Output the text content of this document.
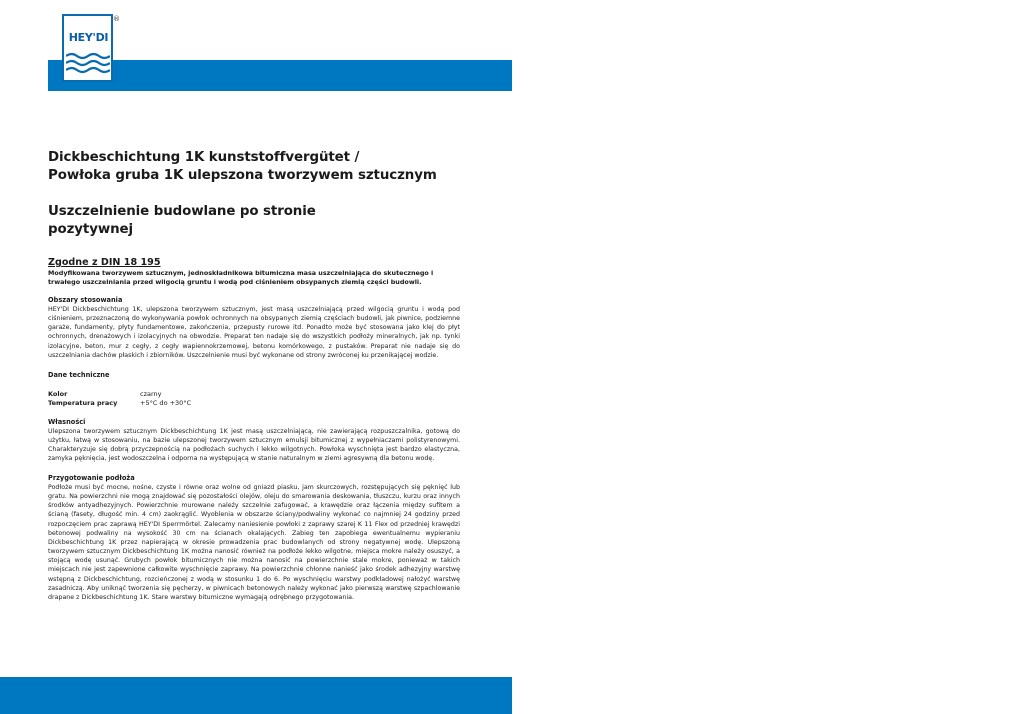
HEY'DI
®
Dickbeschichtung 1K kunststoffvergütet /
Powłoka gruba 1K ulepszona tworzywem sztucznym
Uszczelnienie budowlane po stronie
pozytywnej
Zgodne z DIN 18 195
Modyfikowana tworzywem sztucznym, jednoskładnikowa bitumiczna masa uszczelniająca do skutecznego i trwałego uszczelniania przed wilgocią gruntu i wodą pod ciśnieniem obsypanych ziemią części budowli.
Obszary stosowania
HEY'DI Dickbeschichtung 1K, ulepszona tworzywem sztucznym, jest masą uszczelniającą przed wilgocią gruntu i wodą pod ciśnieniem, przeznaczoną do wykonywania powłok ochronnych na obsypanych ziemią częściach budowli, jak piwnice, podziemne garaże, fundamenty, płyty fundamentowe, zakończenia, przepusty rurowe itd. Ponadto może być stosowana jako klej do płyt ochronnych, drenażowych i izolacyjnych na obwodzie. Preparat ten nadaje się do wszystkich podłoży mineralnych, jak np. tynki izolacyjne, beton, mur z cegły, z cegły wapiennokrzemowej, betonu komórkowego, z pustaków. Preparat nie nadaje się do uszczelniania dachów płaskich i zbiorników. Uszczelnienie musi być wykonane od strony zwróconej ku przenikającej wodzie.
Dane techniczne
Kolor	czarny
Temperatura pracy	+5°C do +30°C
Własności
Ulepszona tworzywem sztucznym Dickbeschichtung 1K jest masą uszczelniającą, nie zawierającą rozpuszczalnika, gotową do użytku, łatwą w stosowaniu, na bazie ulepszonej tworzywem sztucznym emulsji bitumicznej z wypełniaczami polistyrenowymi. Charakteryzuje się dobrą przyczepnością na podłożach suchych i lekko wilgotnych. Powłoka wyschnięta jest bardzo elastyczna, zamyka pęknięcia, jest wodoszczelna i odporna na występującą w stanie naturalnym w ziemi agresywną dla betonu wodę.
Przygotowanie podłoża
Podłoże musi być mocne, nośne, czyste i równe oraz wolne od gniazd piasku, jam skurczowych, rozstępujących się pęknięć lub gratu. Na powierzchni nie mogą znajdować się pozostałości olejów, oleju do smarowania deskowania, tłuszczu, kurzu oraz innych środków antyadhezyjnych. Powierzchnie murowane należy szczelnie zafugować, a krawędzie oraz łączenia między sufitem a ścianą (fasety, długość min. 4 cm) zaokrąglić. Wyoblenia w obszarze ściany/podwaliny wykonać co najmniej 24 godziny przed rozpoczęciem prac zaprawą HEY'DI Sperrmörtel. Zalecamy naniesienie powłoki z zaprawy szarej K 11 Flex od przedniej krawędzi betonowej podwaliny na wysokość 30 cm na ścianach okalających. Zabieg ten zapobiega ewentualnemu wypieraniu Dickbeschichtung 1K przez napierającą w okresie prowadzenia prac budowlanych od strony negatywnej wodę. Ulepszoną tworzywem sztucznym Dickbeschichtung 1K można nanosić również na podłoże lekko wilgotne, miejsca mokre należy osuszyć, a stojącą wodę usunąć. Grubych powłok bitumicznych nie można nanosić na powierzchnie stale mokre, ponieważ w takich miejscach nie jest zapewnione całkowite wyschnięcie zaprawy. Na powierzchnie chłonne nanieść jako środek adhezyjny warstwę wstępną z Dickbeschichtung, rozcieńczonej z wodą w stosunku 1 do 6. Po wyschnięciu warstwy podkładowej nałożyć warstwę zasadniczą. Aby uniknąć tworzenia się pęcherzy, w piwnicach betonowych należy wykonać jako pierwszą warstwę szpachlowanie drapane z Dickbeschichtung 1K. Stare warstwy bitumiczne wymagają odrębnego przygotowania.
